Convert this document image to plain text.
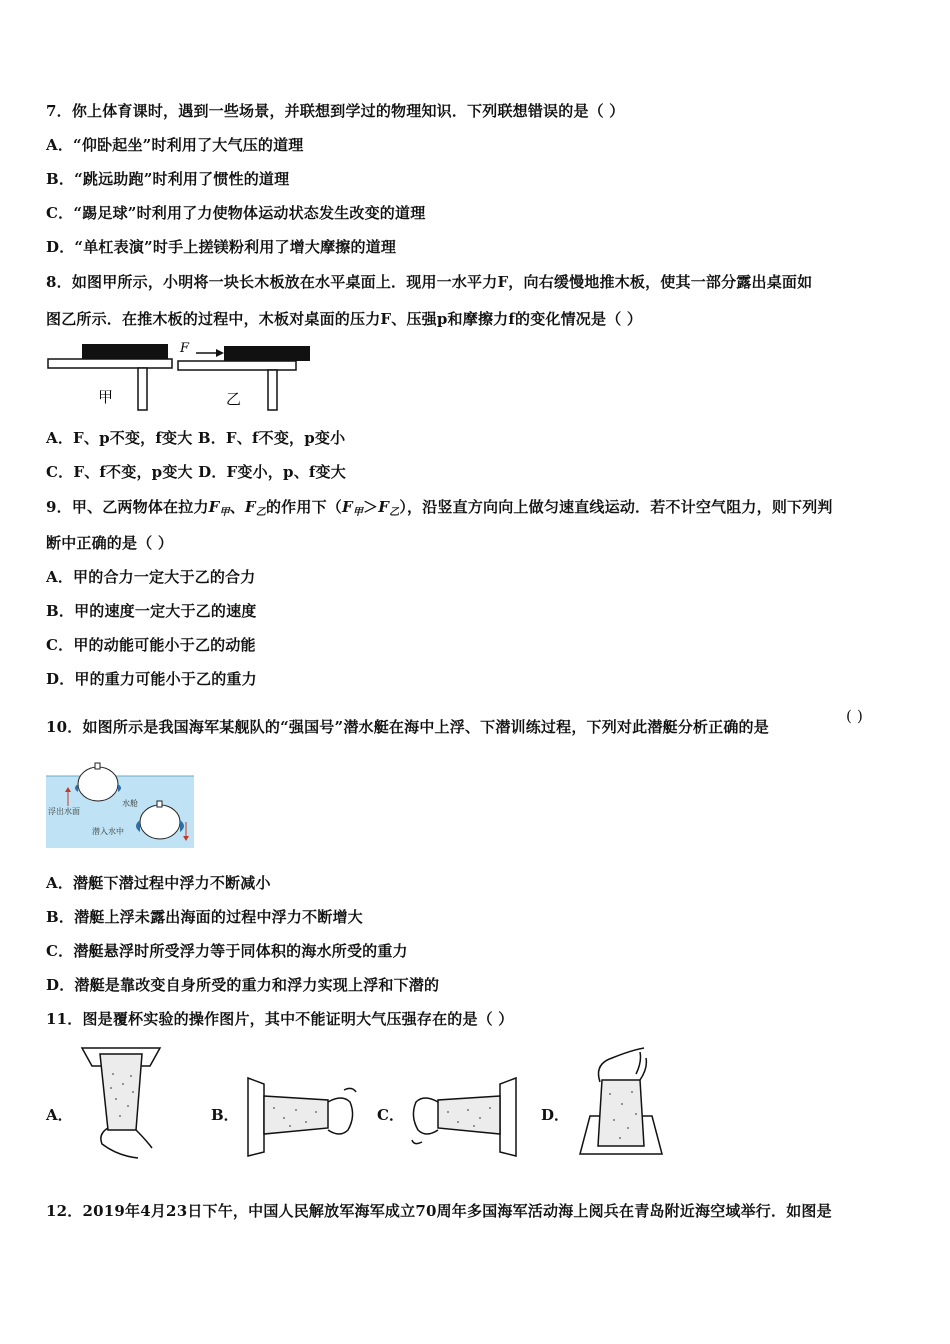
7．你上体育课时，遇到一些场景，并联想到学过的物理知识．下列联想错误的是（ ）
A．“仰卧起坐”时利用了大气压的道理
B．“跳远助跑”时利用了惯性的道理
C．“踢足球”时利用了力使物体运动状态发生改变的道理
D．“单杠表演”时手上搓镁粉利用了增大摩擦的道理
8．如图甲所示，小明将一块长木板放在水平桌面上．现用一水平力F，向右缓慢地推木板，使其一部分露出桌面如
图乙所示．在推木板的过程中，木板对桌面的压力F、压强p和摩擦力f的变化情况是（ ）
甲
F
乙
A．F、p不变，f变大 B．F、f不变，p变小
C．F、f不变，p变大 D．F变小，p、f变大
9．甲、乙两物体在拉力$F_甲$、$F_乙$的作用下$(F_甲>F_乙)$，沿竖直方向向上做匀速直线运动．若不计空气阻力，则下列判
断中正确的是（ ）
A．甲的合力一定大于乙的合力
B．甲的速度一定大于乙的速度
C．甲的动能可能小于乙的动能
D．甲的重力可能小于乙的重力
10．如图所示是我国海军某舰队的“强国号”潜水艇在海中上浮、下潜训练过程，下列对此潜艇分析正确的是
( )
浮出水面
水舱
潜入水中
A．潜艇下潜过程中浮力不断减小
B．潜艇上浮未露出海面的过程中浮力不断增大
C．潜艇悬浮时所受浮力等于同体积的海水所受的重力
D．潜艇是靠改变自身所受的重力和浮力实现上浮和下潜的
11．图是覆杯实验的操作图片，其中不能证明大气压强存在的是（ ）
A．	B．	C．	D．
12．2019年4月23日下午，中国人民解放军海军成立70周年多国海军活动海上阅兵在青岛附近海空域举行．如图是
